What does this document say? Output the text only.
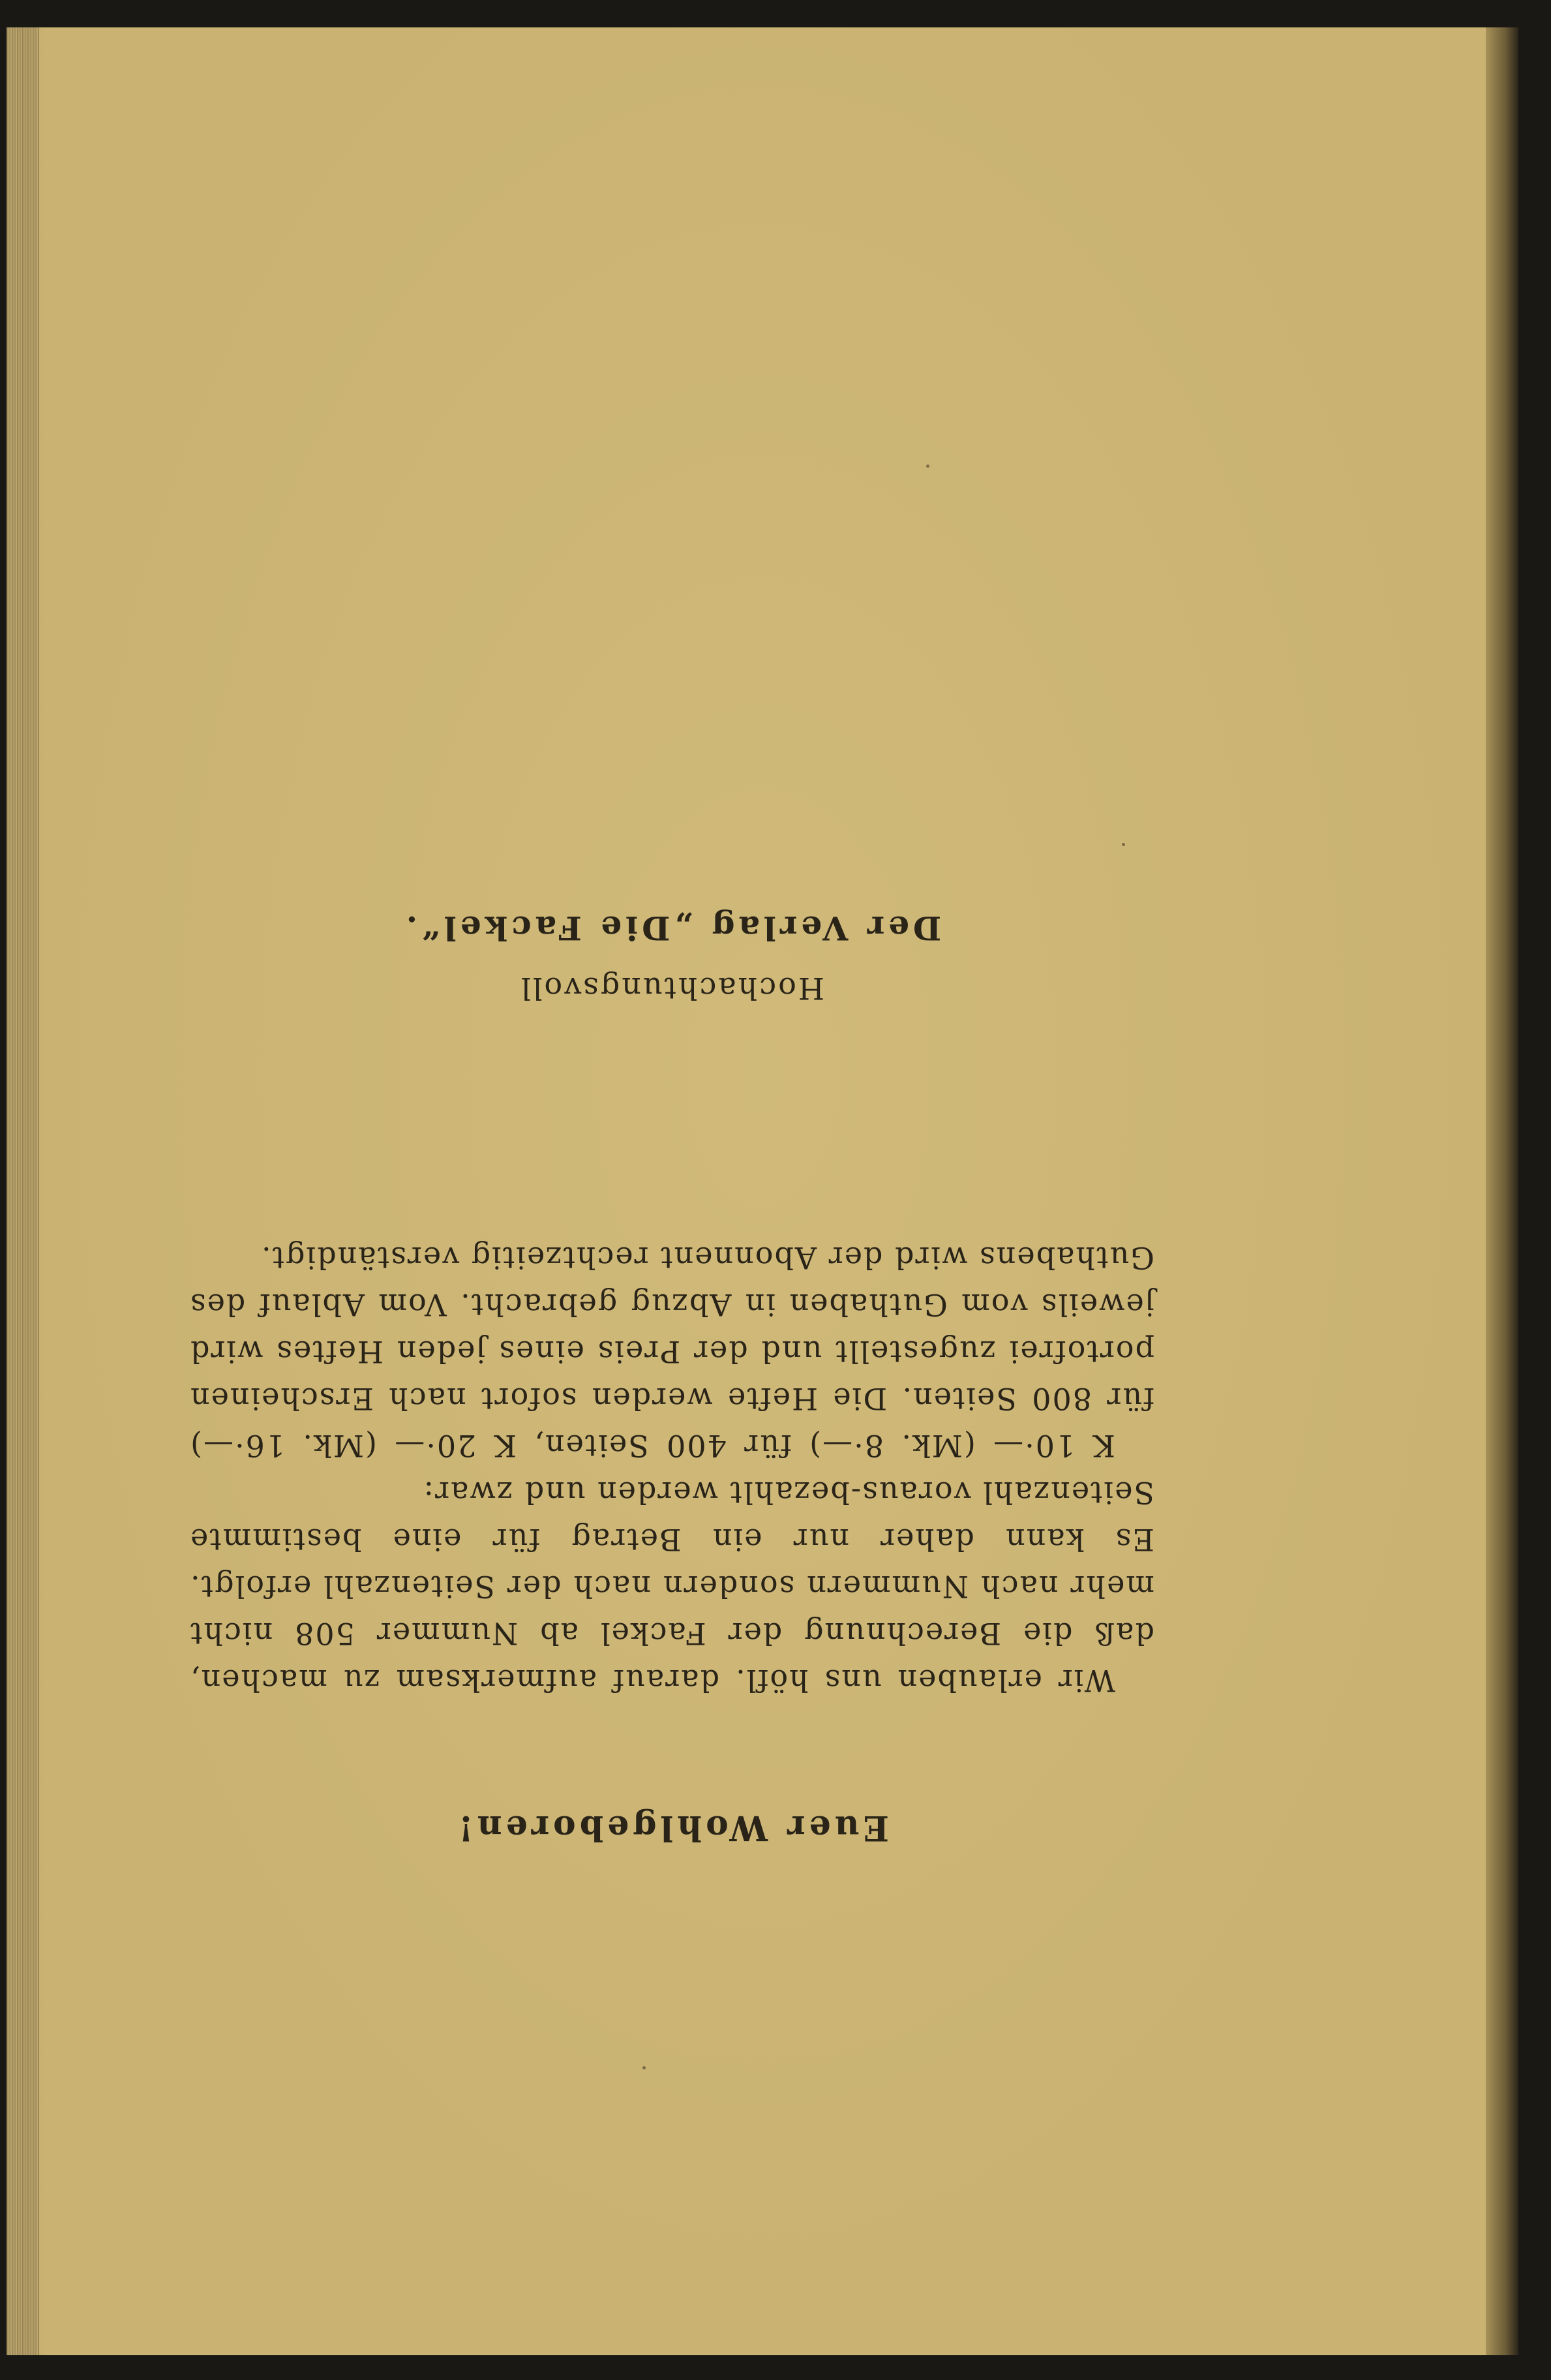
Euer Wohlgeboren!

Wir erlauben uns höfl. darauf aufmerksam zu machen, daß die Berechnung der Fackel ab Nummer 508 nicht mehr nach Nummern sondern nach der Seitenzahl erfolgt. Es kann daher nur ein Betrag für eine bestimmte Seitenzahl voraus-bezahlt werden und zwar:

K 10·— (Mk. 8·—) für 400 Seiten, K 20·— (Mk. 16·—) für 800 Seiten. Die Hefte werden sofort nach Erscheinen portofrei zugestellt und der Preis eines jeden Heftes wird jeweils vom Guthaben in Abzug gebracht. Vom Ablauf des Guthabens wird der Abonnent rechtzeitig verständigt.

Hochachtungsvoll
Der Verlag „Die Fackel“.
